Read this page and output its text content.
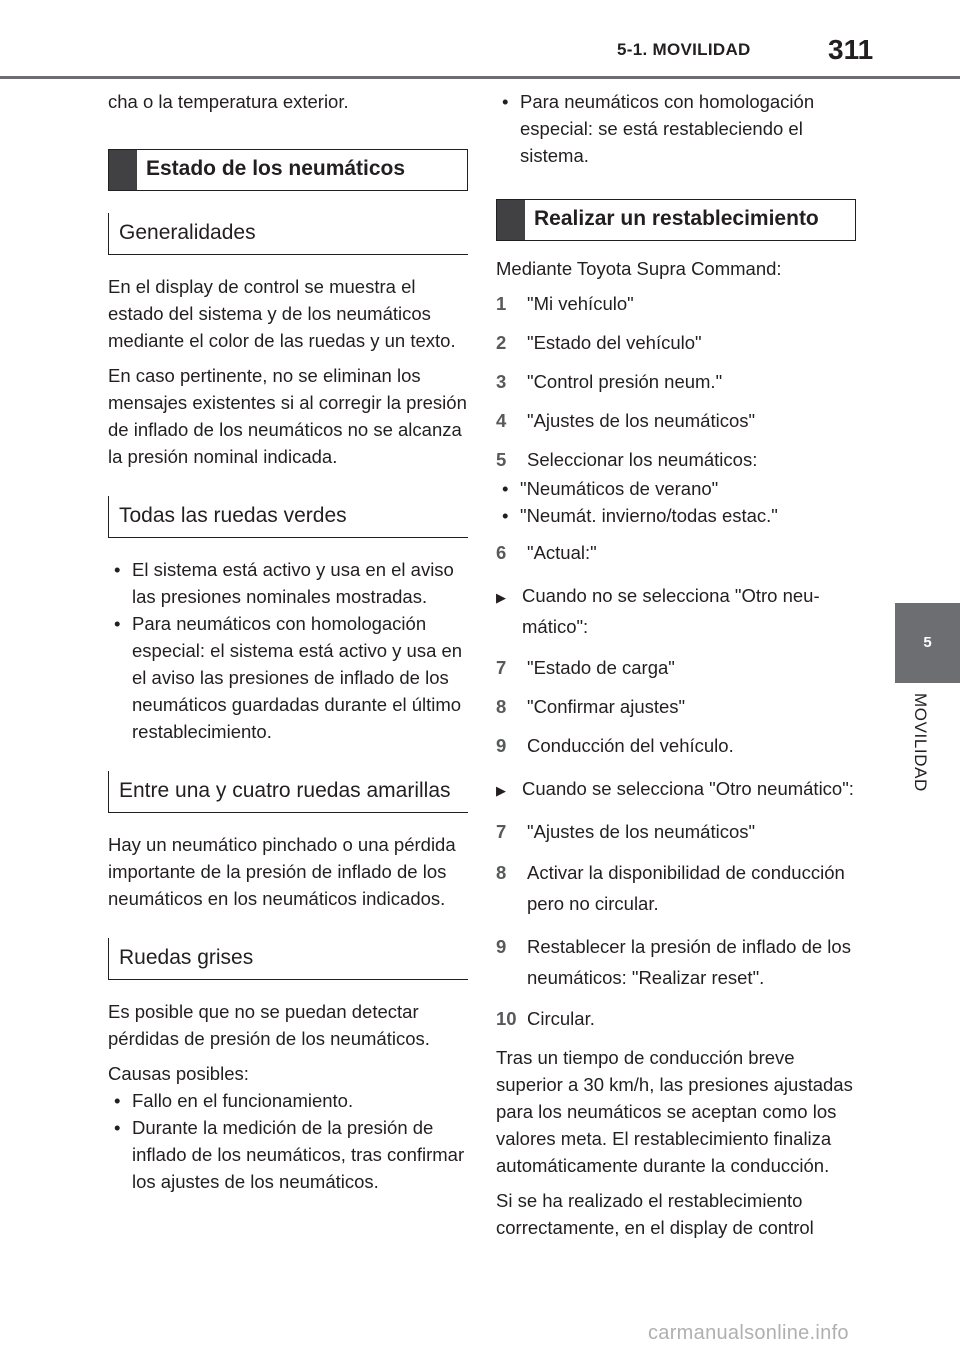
5-1. MOVILIDAD	311
5
MOVILIDAD

cha o la temperatura exterior.

Estado de los neumáticos
Generalidades

En el display de control se muestra el estado del sistema y de los neumáticos mediante el color de las ruedas y un texto.

En caso pertinente, no se eliminan los mensajes existentes si al corregir la presión de inflado de los neumáticos no se alcanza la presión nominal indicada.

Todas las ruedas verdes
• El sistema está activo y usa en el aviso las presiones nominales mostradas.
• Para neumáticos con homologación especial: el sistema está activo y usa en el aviso las presiones de inflado de los neumáticos guardadas durante el último restablecimiento.
Entre una y cuatro ruedas amarillas

Hay un neumático pinchado o una pérdida importante de la presión de inflado de los neumáticos en los neumáticos indicados.

Ruedas grises

Es posible que no se puedan detectar pérdidas de presión de los neumáticos.

Causas posibles:

• Fallo en el funcionamiento.
• Durante la medición de la presión de inflado de los neumáticos, tras confirmar los ajustes de los neumáticos.
• Para neumáticos con homologación especial: se está restableciendo el sistema.
Realizar un restablecimiento

Mediante Toyota Supra Command:

1	"Mi vehículo"
2	"Estado del vehículo"
3	"Control presión neum."
4	"Ajustes de los neumáticos"
5	Seleccionar los neumáticos:
• "Neumáticos de verano"
• "Neumát. invierno/todas estac."
6	"Actual:"
▶ Cuando no se selecciona "Otro neumático":
7	"Estado de carga"
8	"Confirmar ajustes"
9	Conducción del vehículo.
▶ Cuando se selecciona "Otro neumático":
7	"Ajustes de los neumáticos"
8	Activar la disponibilidad de conducción pero no circular.
9	Restablecer la presión de inflado de los neumáticos: "Realizar reset".
10 Circular.

Tras un tiempo de conducción breve superior a 30 km/h, las presiones ajustadas para los neumáticos se aceptan como los valores meta. El restablecimiento finaliza automáticamente durante la conducción.

Si se ha realizado el restablecimiento correctamente, en el display de control

carmanualsonline.info
